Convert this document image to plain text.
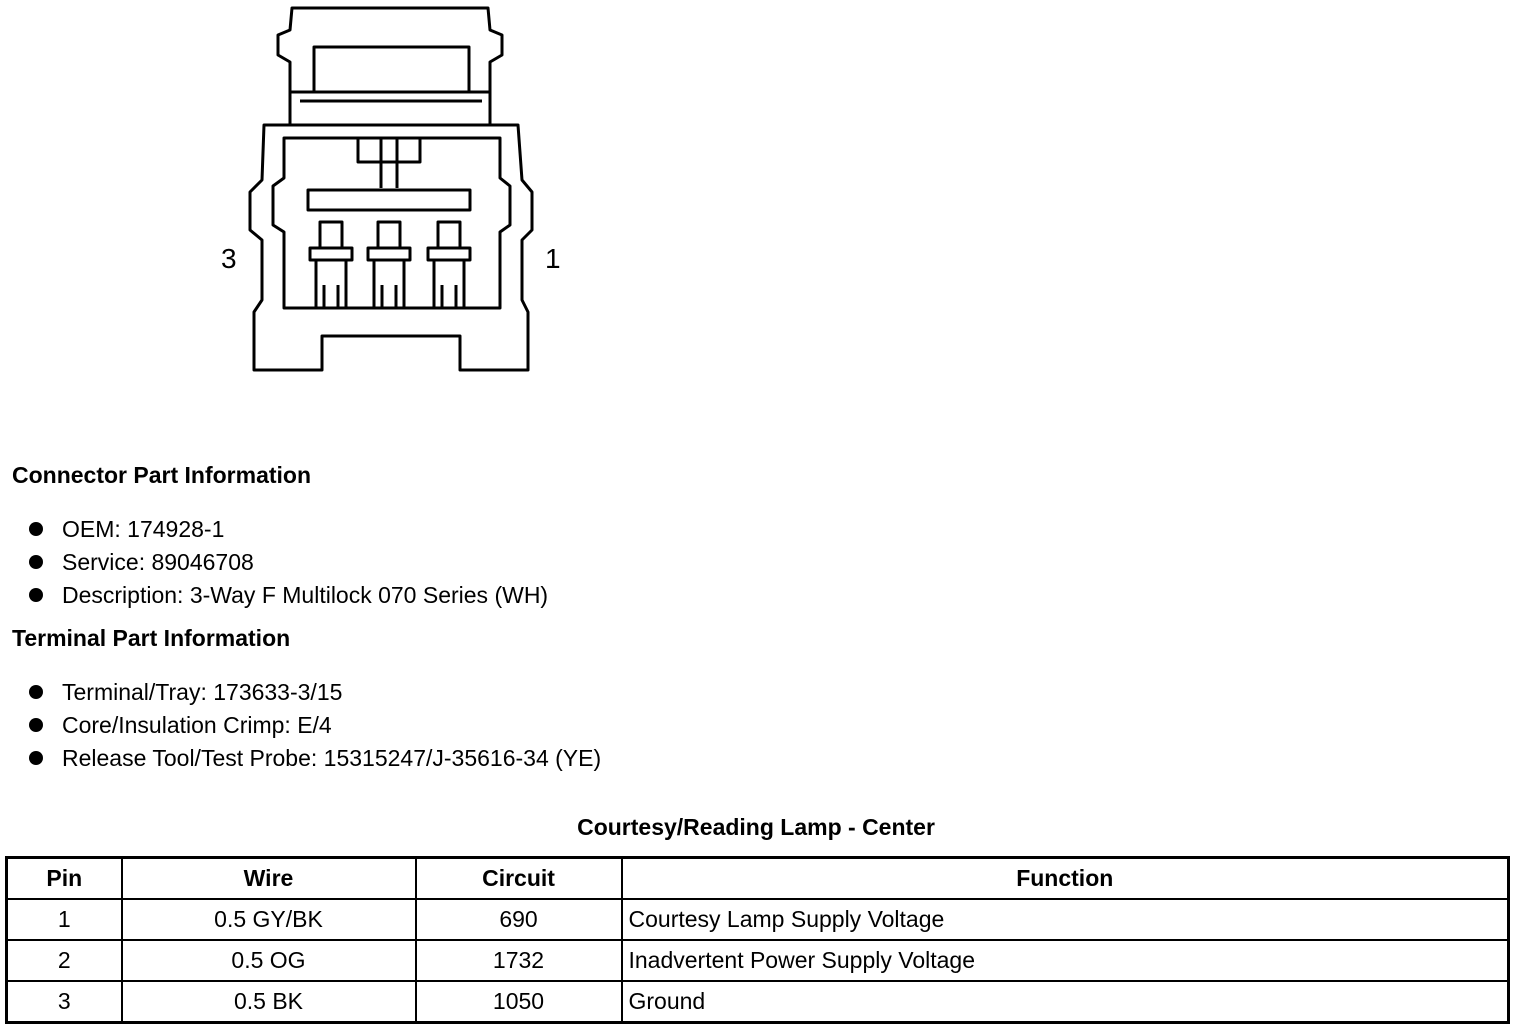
3	1
Connector Part Information
OEM: 174928-1
Service: 89046708
Description: 3-Way F Multilock 070 Series (WH)
Terminal Part Information
Terminal/Tray: 173633-3/15
Core/Insulation Crimp: E/4
Release Tool/Test Probe: 15315247/J-35616-34 (YE)
Courtesy/Reading Lamp - Center
Pin	Wire	Circuit	Function
1	0.5 GY/BK	690	Courtesy Lamp Supply Voltage
2	0.5 OG	1732	Inadvertent Power Supply Voltage
3	0.5 BK	1050	Ground
